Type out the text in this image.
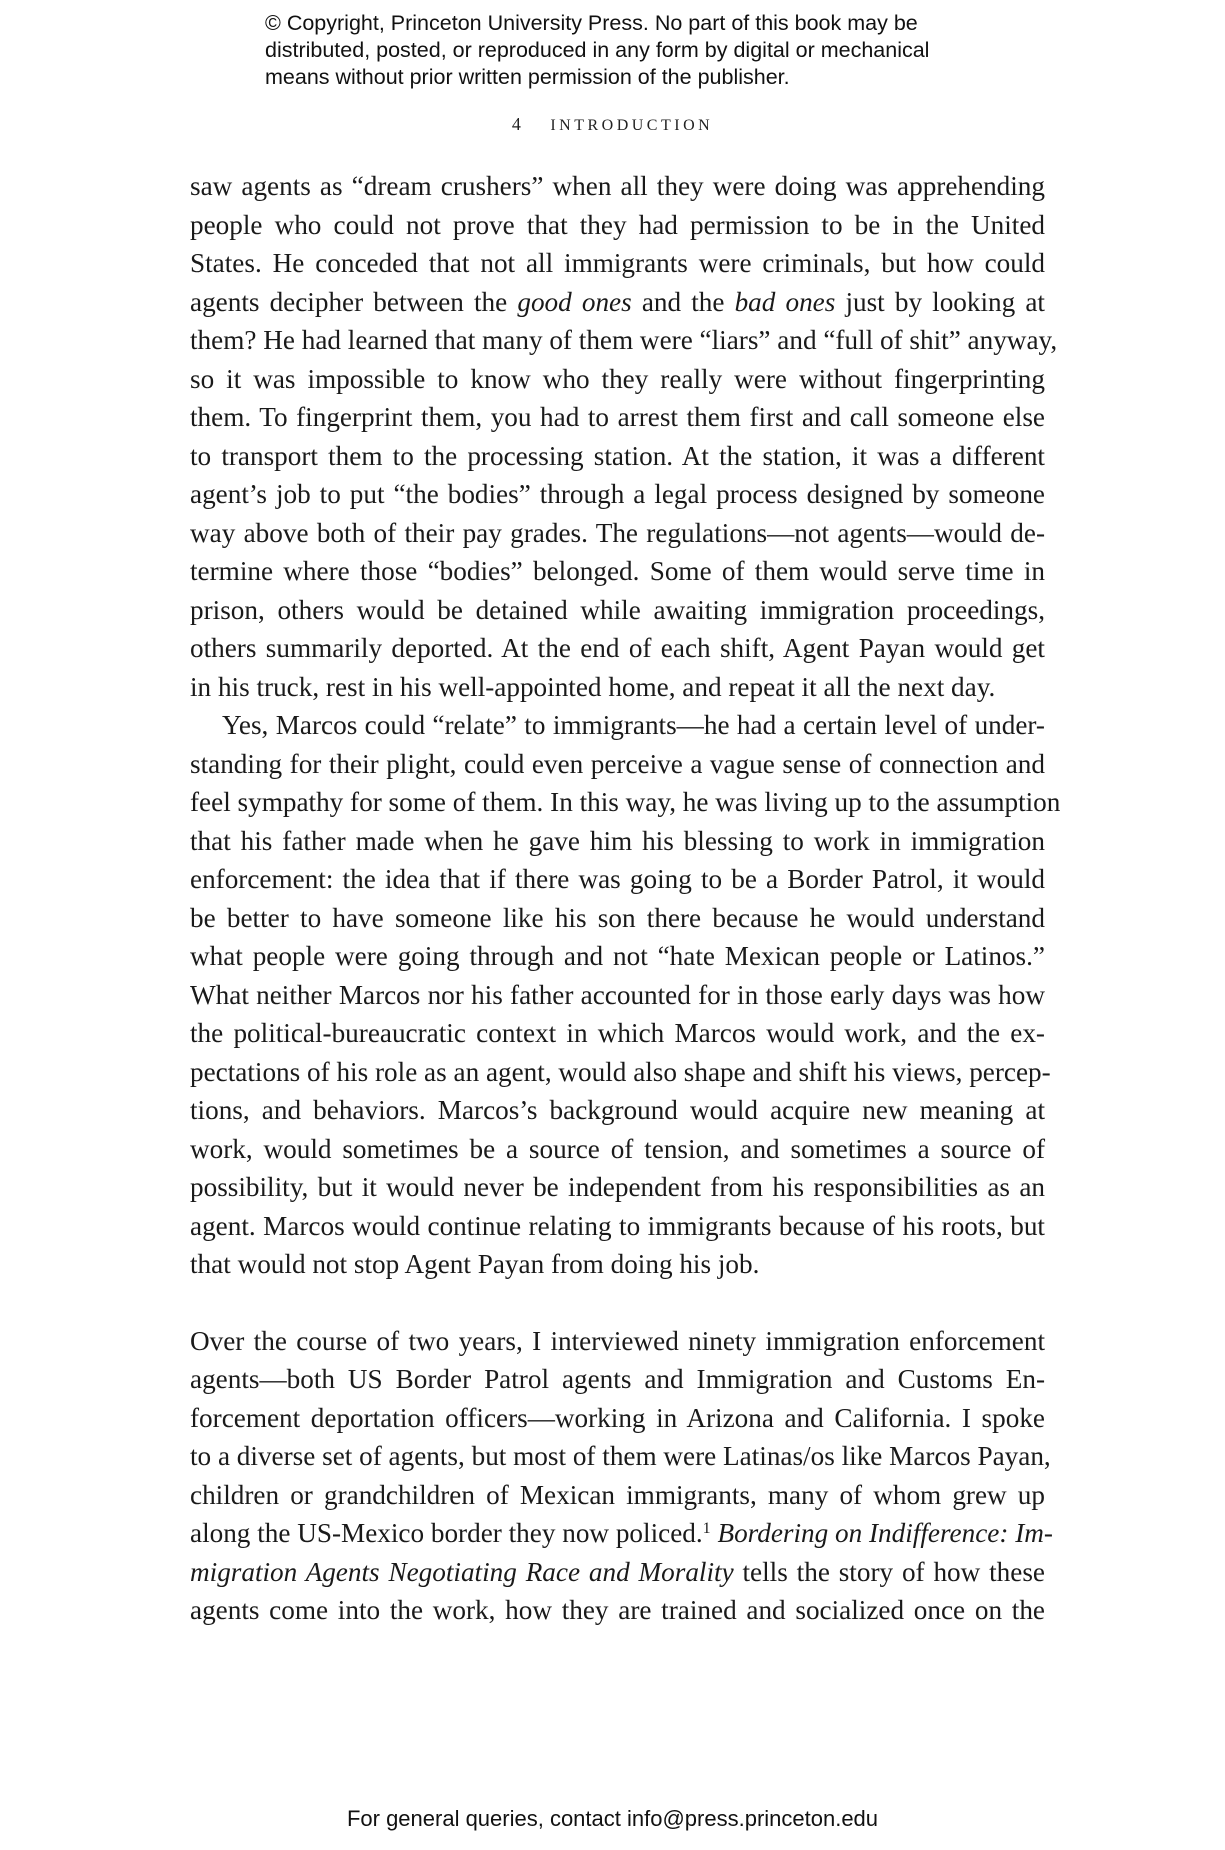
© Copyright, Princeton University Press. No part of this book may be
distributed, posted, or reproduced in any form by digital or mechanical
means without prior written permission of the publisher.
4 INTRODUCTION
saw agents as “dream crushers” when all they were doing was apprehending
people who could not prove that they had permission to be in the United
States. He conceded that not all immigrants were criminals, but how could
agents decipher between the good ones and the bad ones just by looking at
them? He had learned that many of them were “liars” and “full of shit” anyway,
so it was impossible to know who they really were without fingerprinting
them. To fingerprint them, you had to arrest them first and call someone else
to transport them to the processing station. At the station, it was a different
agent’s job to put “the bodies” through a legal process designed by someone
way above both of their pay grades. The regulations—not agents—would de-
termine where those “bodies” belonged. Some of them would serve time in
prison, others would be detained while awaiting immigration proceedings,
others summarily deported. At the end of each shift, Agent Payan would get
in his truck, rest in his well-appointed home, and repeat it all the next day.
Yes, Marcos could “relate” to immigrants—he had a certain level of under-
standing for their plight, could even perceive a vague sense of connection and
feel sympathy for some of them. In this way, he was living up to the assumption
that his father made when he gave him his blessing to work in immigration
enforcement: the idea that if there was going to be a Border Patrol, it would
be better to have someone like his son there because he would understand
what people were going through and not “hate Mexican people or Latinos.”
What neither Marcos nor his father accounted for in those early days was how
the political-bureaucratic context in which Marcos would work, and the ex-
pectations of his role as an agent, would also shape and shift his views, percep-
tions, and behaviors. Marcos’s background would acquire new meaning at
work, would sometimes be a source of tension, and sometimes a source of
possibility, but it would never be independent from his responsibilities as an
agent. Marcos would continue relating to immigrants because of his roots, but
that would not stop Agent Payan from doing his job.
Over the course of two years, I interviewed ninety immigration enforcement
agents—both US Border Patrol agents and Immigration and Customs En-
forcement deportation officers—working in Arizona and California. I spoke
to a diverse set of agents, but most of them were Latinas/os like Marcos Payan,
children or grandchildren of Mexican immigrants, many of whom grew up
along the US-Mexico border they now policed.$^1$ Bordering on Indifference: Im-
migration Agents Negotiating Race and Morality tells the story of how these
agents come into the work, how they are trained and socialized once on the
For general queries, contact info@press.princeton.edu
